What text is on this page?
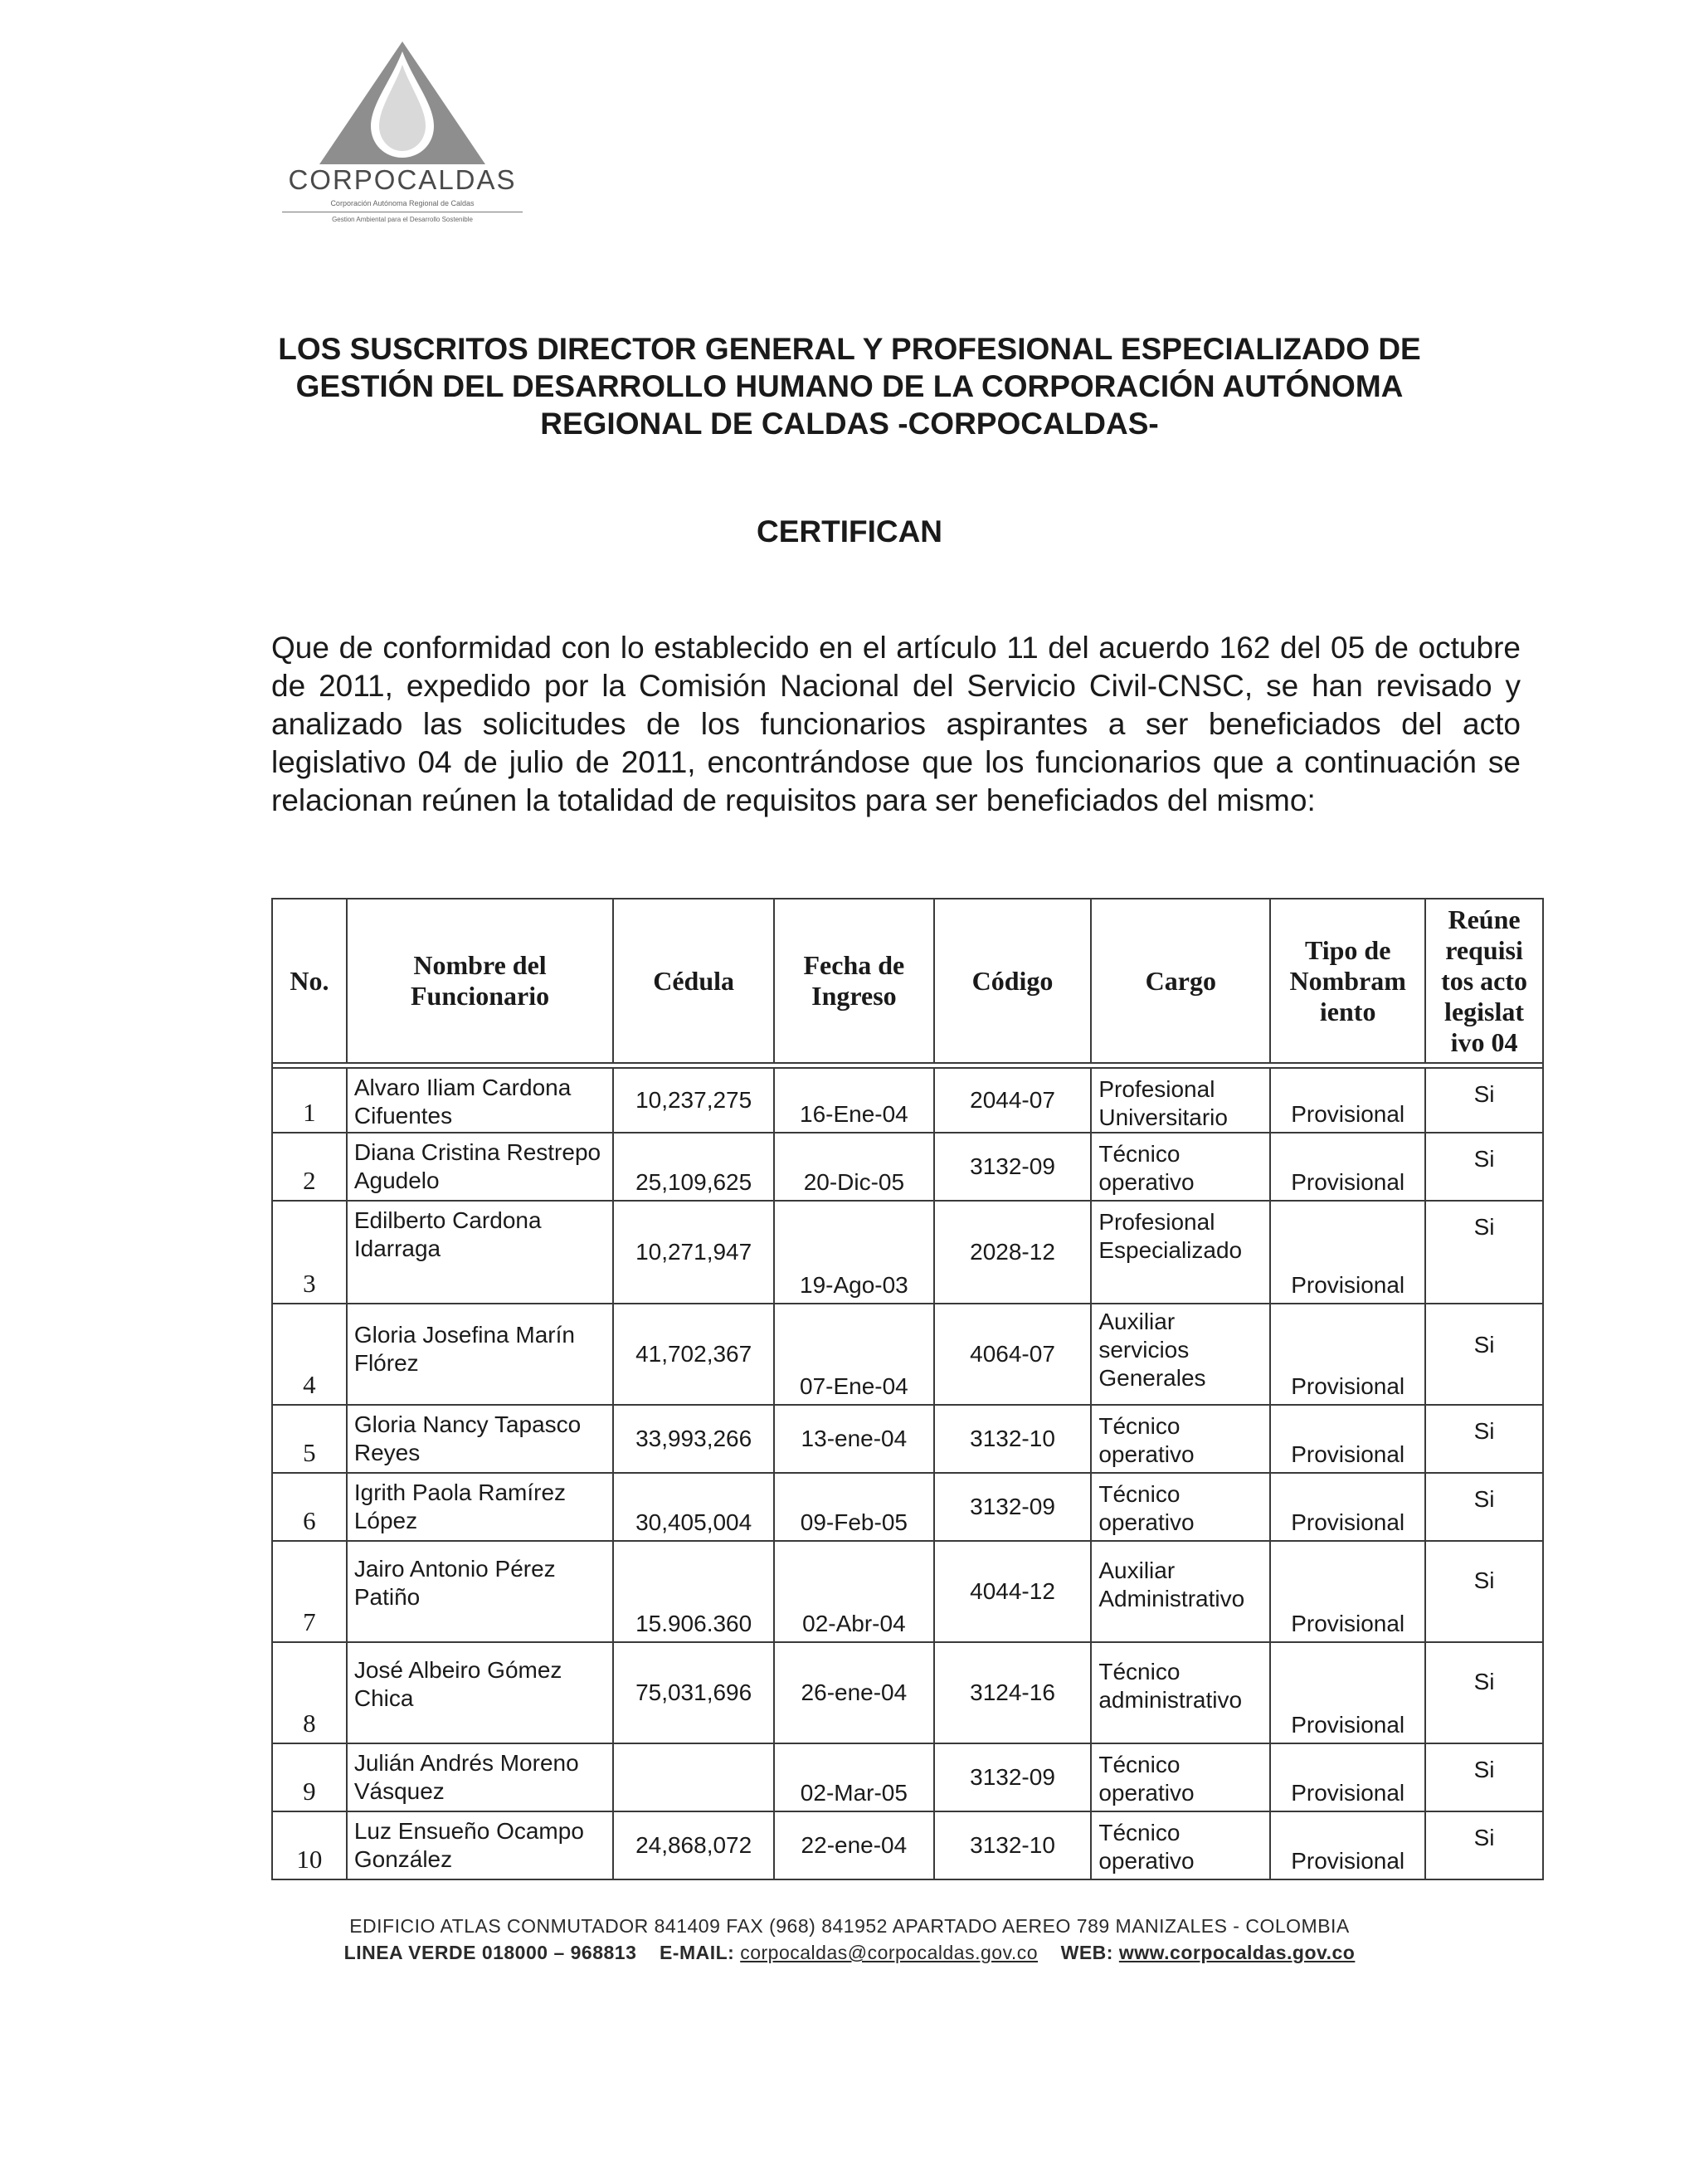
CORPOCALDAS
Corporación Autónoma Regional de Caldas
Gestion Ambiental para el Desarrollo Sostenible
LOS SUSCRITOS DIRECTOR GENERAL Y PROFESIONAL ESPECIALIZADO DE GESTIÓN DEL DESARROLLO HUMANO DE LA CORPORACIÓN AUTÓNOMA REGIONAL DE CALDAS -CORPOCALDAS-
CERTIFICAN
Que de conformidad con lo establecido en el artículo 11 del acuerdo 162 del 05 de octubre de 2011, expedido por la Comisión Nacional del Servicio Civil-CNSC, se han revisado y analizado las solicitudes de los funcionarios aspirantes a ser beneficiados del acto legislativo 04 de julio de 2011, encontrándose que los funcionarios que a continuación se relacionan reúnen la totalidad de requisitos para ser beneficiados del mismo:
No.	Nombre del Funcionario	Cédula	Fecha de Ingreso	Código	Cargo	Tipo de Nombram iento	Reúne requisi tos acto legislat ivo 04

1	Alvaro Iliam Cardona Cifuentes	10,237,275	16-Ene-04	2044-07	Profesional Universitario	Provisional	Si
2	Diana Cristina Restrepo Agudelo	25,109,625	20-Dic-05	3132-09	Técnico operativo	Provisional	Si
3	Edilberto Cardona Idarraga	10,271,947	19-Ago-03	2028-12	Profesional Especializado	Provisional	Si
4	Gloria Josefina Marín Flórez	41,702,367	07-Ene-04	4064-07	Auxiliar servicios Generales	Provisional	Si
5	Gloria Nancy Tapasco Reyes	33,993,266	13-ene-04	3132-10	Técnico operativo	Provisional	Si
6	Igrith Paola Ramírez López	30,405,004	09-Feb-05	3132-09	Técnico operativo	Provisional	Si
7	Jairo Antonio Pérez Patiño	15.906.360	02-Abr-04	4044-12	Auxiliar Administrativo	Provisional	Si
8	José Albeiro Gómez Chica	75,031,696	26-ene-04	3124-16	Técnico administrativo	Provisional	Si
9	Julián Andrés Moreno Vásquez		02-Mar-05	3132-09	Técnico operativo	Provisional	Si
10	Luz Ensueño Ocampo González	24,868,072	22-ene-04	3132-10	Técnico operativo	Provisional	Si
EDIFICIO ATLAS CONMUTADOR 841409 FAX (968) 841952 APARTADO AEREO 789 MANIZALES - COLOMBIA
LINEA VERDE 018000 – 968813 E-MAIL: corpocaldas@corpocaldas.gov.co WEB: www.corpocaldas.gov.co
